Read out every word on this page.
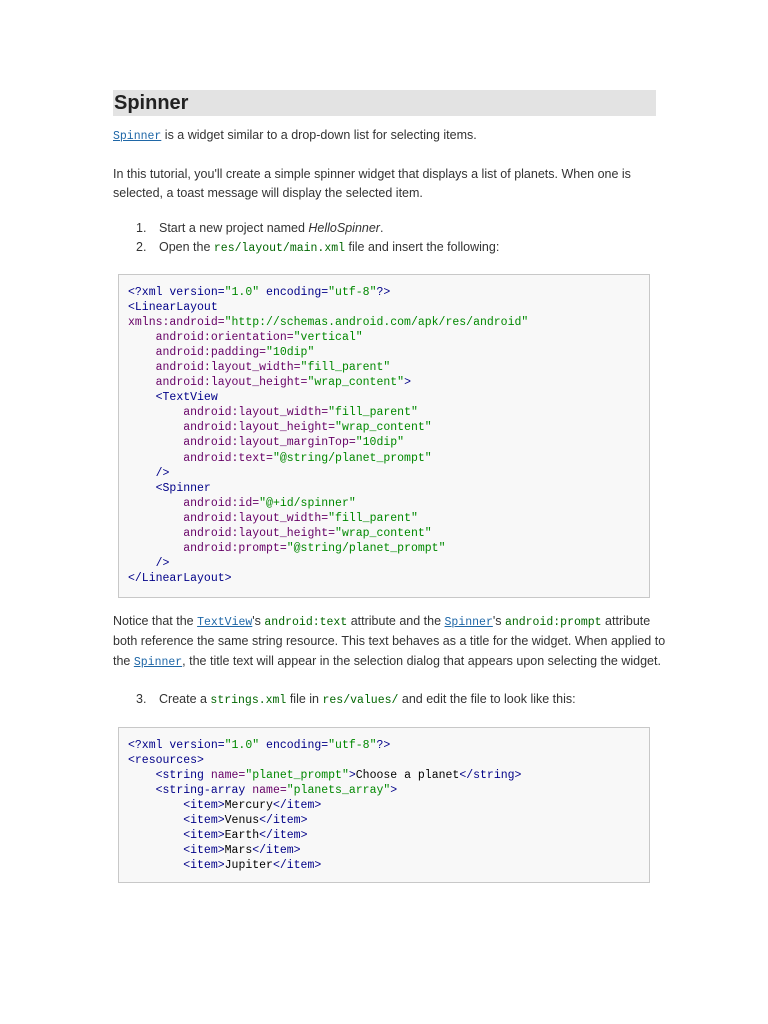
Spinner

Spinner is a widget similar to a drop-down list for selecting items.

In this tutorial, you'll create a simple spinner widget that displays a list of planets. When one is selected, a toast message will display the selected item.

1. Start a new project named HelloSpinner.
2. Open the res/layout/main.xml file and insert the following:
<?xml version="1.0" encoding="utf-8"?>
<LinearLayout
xmlns:android="http://schemas.android.com/apk/res/android"
android:orientation="vertical"
android:padding="10dip"
android:layout_width="fill_parent"
android:layout_height="wrap_content">
<TextView
android:layout_width="fill_parent"
android:layout_height="wrap_content"
android:layout_marginTop="10dip"
android:text="@string/planet_prompt"
/>
<Spinner
android:id="@+id/spinner"
android:layout_width="fill_parent"
android:layout_height="wrap_content"
android:prompt="@string/planet_prompt"
/>
</LinearLayout>

Notice that the TextView's android:text attribute and the Spinner's android:prompt attribute both reference the same string resource. This text behaves as a title for the widget. When applied to the Spinner, the title text will appear in the selection dialog that appears upon selecting the widget.

3. Create a strings.xml file in res/values/ and edit the file to look like this:
<?xml version="1.0" encoding="utf-8"?>
<resources>
<string name="planet_prompt">Choose a planet</string>
<string-array name="planets_array">
<item>Mercury</item>
<item>Venus</item>
<item>Earth</item>
<item>Mars</item>
<item>Jupiter</item>
